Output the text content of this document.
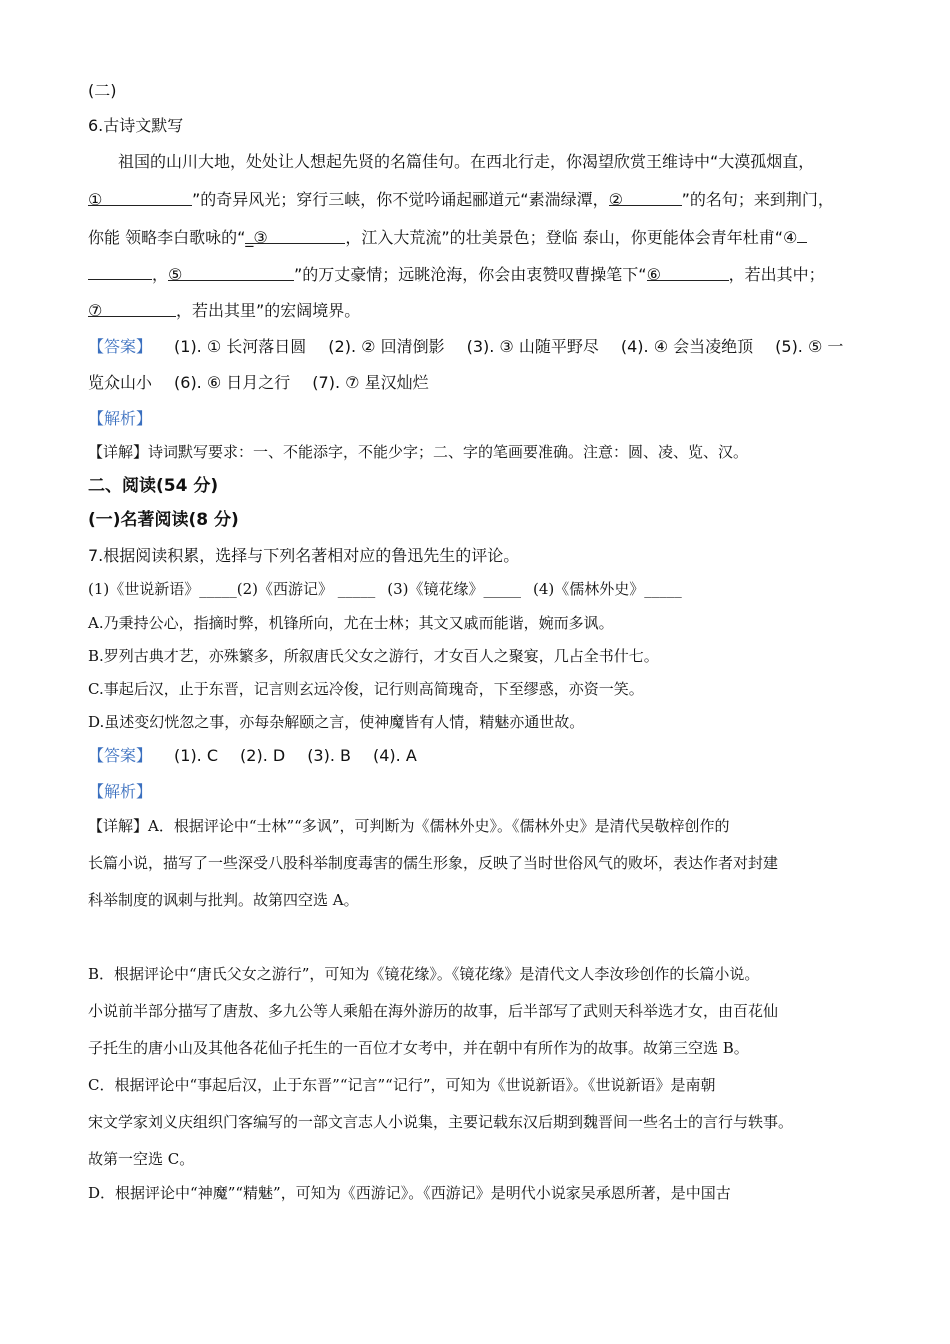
(二)
6.古诗文默写
祖国的山川大地，处处让人想起先贤的名篇佳句。在西北行走，你渴望欣赏王维诗中“大漠孤烟直，
①	”的奇异风光；穿行三峡，你不觉吟诵起郦道元“素湍绿潭，②	”的名句；来到荆门，
你能 领略李白歌咏的“_③	，江入大荒流”的壮美景色；登临 泰山，你更能体会青年杜甫“④
，⑤	”的万丈豪情；远眺沧海，你会由衷赞叹曹操笔下“⑥	，若出其中；
⑦	，若出其里”的宏阔境界。
【答案】 (1). ① 长河落日圆 (2). ② 回清倒影 (3). ③ 山随平野尽 (4). ④ 会当凌绝顶 (5). ⑤ 一
览众山小 (6). ⑥ 日月之行 (7). ⑦ 星汉灿烂
【解析】
【详解】诗词默写要求：一、不能添字，不能少字；二、字的笔画要准确。注意：圆、凌、览、汉。
二、阅读(54 分)
(一)名著阅读(8 分)
7.根据阅读积累，选择与下列名著相对应的鲁迅先生的评论。
(1)《世说新语》_____(2)《西游记》 _____ (3)《镜花缘》_____ (4)《儒林外史》_____
A.乃秉持公心，指摘时弊，机锋所向，尤在士林；其文又戚而能谐，婉而多讽。
B.罗列古典才艺，亦殊繁多，所叙唐氏父女之游行，才女百人之聚宴，几占全书什七。
C.事起后汉，止于东晋，记言则玄远冷俊，记行则高简瑰奇，下至缪惑，亦资一笑。
D.虽述变幻恍忽之事，亦每杂解颐之言，使神魔皆有人情，精魅亦通世故。
【答案】 (1). C (2). D (3). B (4). A
【解析】
【详解】A．根据评论中“士林”“多讽”，可判断为《儒林外史》。《儒林外史》是清代吴敬梓创作的
长篇小说，描写了一些深受八股科举制度毒害的儒生形象，反映了当时世俗风气的败坏，表达作者对封建
科举制度的讽刺与批判。故第四空选 A。
B．根据评论中“唐氏父女之游行”，可知为《镜花缘》。《镜花缘》是清代文人李汝珍创作的长篇小说。
小说前半部分描写了唐敖、多九公等人乘船在海外游历的故事，后半部写了武则天科举选才女，由百花仙
子托生的唐小山及其他各花仙子托生的一百位才女考中，并在朝中有所作为的故事。故第三空选 B。
C．根据评论中“事起后汉，止于东晋”“记言”“记行”，可知为《世说新语》。《世说新语》是南朝
宋文学家刘义庆组织门客编写的一部文言志人小说集，主要记载东汉后期到魏晋间一些名士的言行与轶事。
故第一空选 C。
D．根据评论中“神魔”“精魅”，可知为《西游记》。《西游记》是明代小说家吴承恩所著，是中国古
